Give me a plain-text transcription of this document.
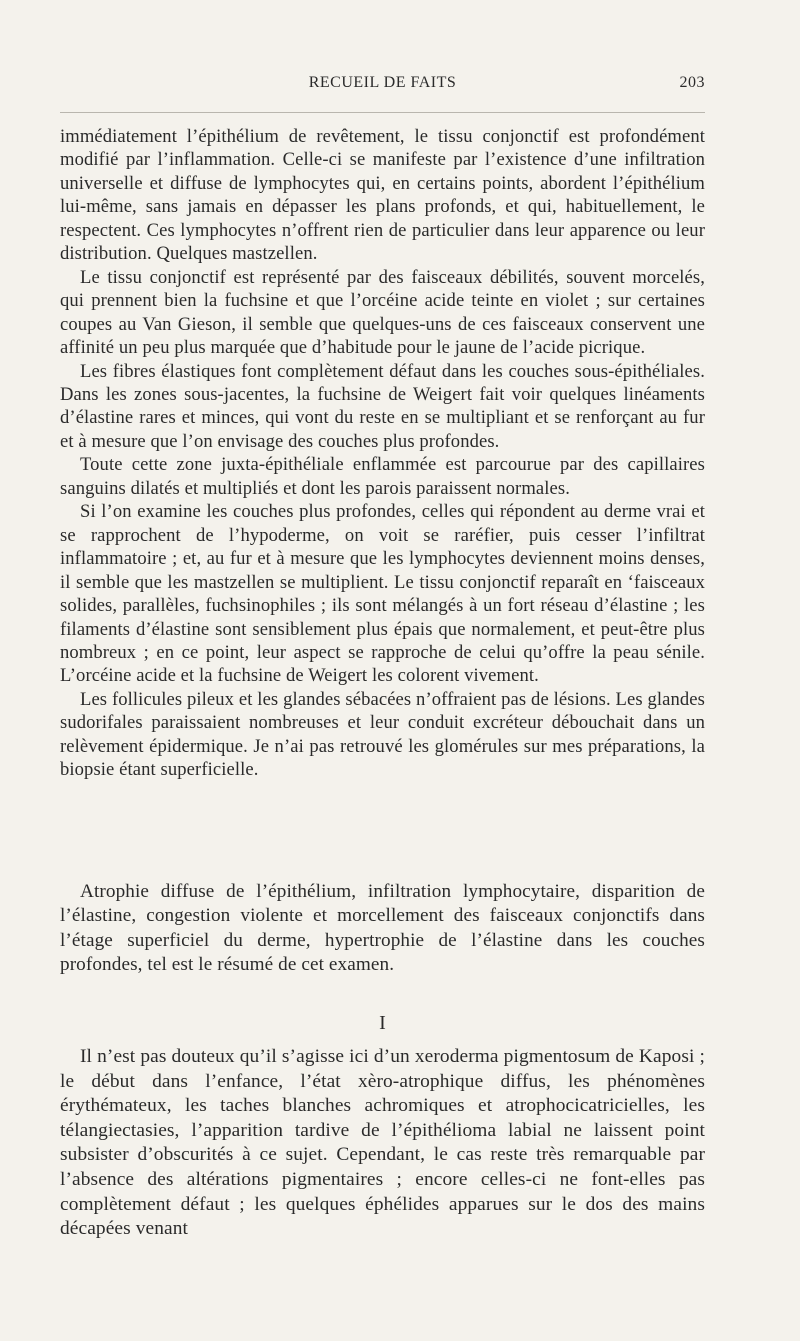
RECUEIL DE FAITS	203

immédiatement l’épithélium de revêtement, le tissu conjonctif est profondément modifié par l’inflammation. Celle-ci se manifeste par l’existence d’une infiltration universelle et diffuse de lymphocytes qui, en certains points, abordent l’épithélium lui-même, sans jamais en dépasser les plans profonds, et qui, habituellement, le respectent. Ces lymphocytes n’offrent rien de particulier dans leur apparence ou leur distribution. Quelques mastzellen.

Le tissu conjonctif est représenté par des faisceaux débilités, souvent morcelés, qui prennent bien la fuchsine et que l’orcéine acide teinte en violet ; sur certaines coupes au Van Gieson, il semble que quelques-uns de ces faisceaux conservent une affinité un peu plus marquée que d’habitude pour le jaune de l’acide picrique.

Les fibres élastiques font complètement défaut dans les couches sous-épithéliales. Dans les zones sous-jacentes, la fuchsine de Weigert fait voir quelques linéaments d’élastine rares et minces, qui vont du reste en se multipliant et se renforçant au fur et à mesure que l’on envisage des couches plus profondes.

Toute cette zone juxta-épithéliale enflammée est parcourue par des capillaires sanguins dilatés et multipliés et dont les parois paraissent normales.

Si l’on examine les couches plus profondes, celles qui répondent au derme vrai et se rapprochent de l’hypoderme, on voit se raréfier, puis cesser l’infiltrat inflammatoire ; et, au fur et à mesure que les lymphocytes deviennent moins denses, il semble que les mastzellen se multiplient. Le tissu conjonctif reparaît en ‘faisceaux solides, parallèles, fuchsinophiles ; ils sont mélangés à un fort réseau d’élastine ; les filaments d’élastine sont sensiblement plus épais que normalement, et peut-être plus nombreux ; en ce point, leur aspect se rapproche de celui qu’offre la peau sénile. L’orcéine acide et la fuchsine de Weigert les colorent vivement.

Les follicules pileux et les glandes sébacées n’offraient pas de lésions. Les glandes sudorifales paraissaient nombreuses et leur conduit excréteur débouchait dans un relèvement épidermique. Je n’ai pas retrouvé les glomérules sur mes préparations, la biopsie étant superficielle.

Atrophie diffuse de l’épithélium, infiltration lymphocytaire, disparition de l’élastine, congestion violente et morcellement des faisceaux conjonctifs dans l’étage superficiel du derme, hypertrophie de l’élastine dans les couches profondes, tel est le résumé de cet examen.

I

Il n’est pas douteux qu’il s’agisse ici d’un xeroderma pigmentosum de Kaposi ; le début dans l’enfance, l’état xèro-atrophique diffus, les phénomènes érythémateux, les taches blanches achromiques et atrophocicatricielles, les télangiectasies, l’apparition tardive de l’épithélioma labial ne laissent point subsister d’obscurités à ce sujet. Cependant, le cas reste très remarquable par l’absence des altérations pigmentaires ; encore celles-ci ne font-elles pas complètement défaut ; les quelques éphélides apparues sur le dos des mains décapées venant
